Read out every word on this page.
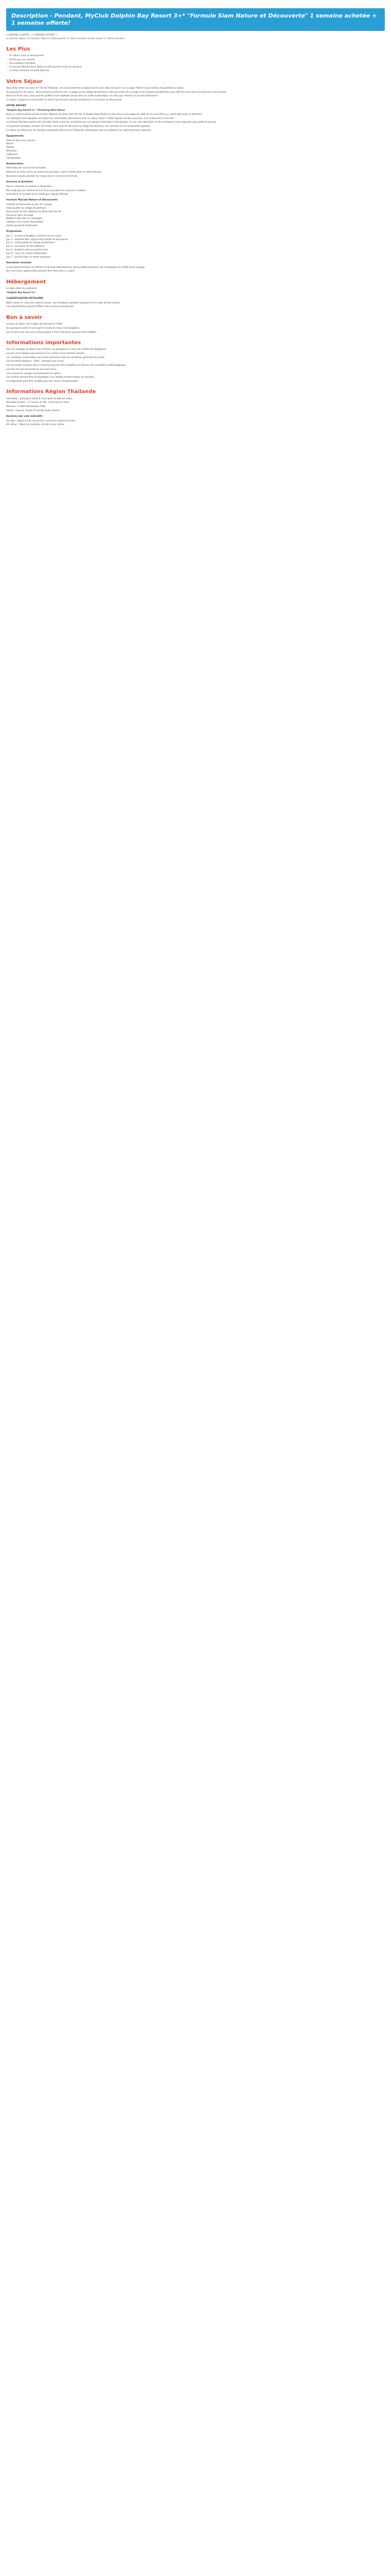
Description - Pendant, MyClub Dolphin Bay Resort 3+* "Formule Siam Nature et Découverte" 1 semaine achetée + 1 semaine offerte!

1 SEMAINE ACHETÉE = 1 SEMAINE OFFERTE !!

Le premier séjour à la formule "Nature et Découverte" à "2ème semaine d'autre séjour" à "2ème semaine".

Les Plus
• Un séjour riche en découvertes
• Portail pour les enfants
• Une ambiance familiale
• La formule MyClub Siam Nature et Découverte inclus 2e semaine
• La 2ème semaine est petit-déjeuner
Votre Séjour

Vous allez entrer au coeur de l'île de Thaïlande. Un environnement exceptionnel et vous allez découvrir sur la plage l'hôtel le plus familial et agréable du séjour.

Au programme du séjour : découvertes en bord de mer, la plage et son village de pêcheurs. Une excursion de la jungle et les temples bouddhistes vous offriront une culture qui bercera vos journées.

Bercé au fil de l'eau, vous pourrez profiter d'une agréable pause dans un cadre authentique. Le club vous réserve un accueil chaleureux.

Ce séjour, proposé en exclusivité, le reste d'une touche spéciale d'exotisme à ce formule de découverte.

VOTRE RESORT

"Dolphin Bay Resort 3+" (Prachuap Khiri Khan)

Dans un cadre tropical proche du Parc National de Khao Sam Roi Yot, le Dolphin Bay Resort se situe face à une plage de sable fin et vous offrira un cadre idéal pour se détendre.

Les chambres sont équipées de toutes les commodités nécessaires pour un séjour réussi. L'hôtel dispose de deux piscines, d'un restaurant et d'un bar.

La formule MyClub propose des activités toute la journée encadrées par une équipe d'animation francophone. Le soir, des spectacles et des animations sont organisés pour petits et grands.

À seulement quelques minutes de l'hôtel, vous pourrez découvrir le village de pêcheurs, ses marchés et ses restaurants typiques.

Ce séjour est idéal pour les familles souhaitant découvrir la Thaïlande authentique tout en profitant d'un cadre balnéaire reposant.

Équipements
Salle de bain avec douche
Balcon
Minibar
Télévision
Coffre-fort
Climatisation
Restauration

Petit-déjeuner sous forme de buffet.

Déjeuner et dîner servis au restaurant principal, cuisine thaïlandaise et internationale.

Boissons incluses pendant les repas dans le cadre de la formule.

Services & Activités

Piscine, transats et parasols à disposition.

Mini-club pour les enfants de 4 à 12 ans pendant les vacances scolaires.

Animations en journée et en soirée par l'équipe MyClub.

Formule MyClub Nature et Découverte
Cocktail de bienvenue au bar de la plage
Visite guidée du village de pêcheurs
Découverte du Parc National de Khao Sam Roi Yot
Excursion dans la jungle
Balade à vélo dans la campagne
Initiation à la cuisine thaïlandaise
Soirée spectacle thaïlandais
Programme
Jour 1 : arrivée à Bangkok, transfert vers le resort.
Jour 2 : matinée libre, après-midi cocktail de bienvenue.
Jour 3 : visite guidée du village de pêcheurs.
Jour 4 : excursion au Parc National.
Jour 5 : balade à vélo et marché local.
Jour 6 : cours de cuisine thaïlandaise.
Jour 7 : journée libre et soirée spectacle.
Deuxième semaine

La deuxième semaine est offerte en formule petit-déjeuner. Vous profitez librement des installations de l'hôtel et de la plage.

Des excursions optionnelles peuvent être réservées sur place.

Hébergement

Le Votre hôtel (ou similaire)

"Dolphin Bay Resort 3+"

CLASSIFICATION HÔTELIÈRE

Hôtel classé 3+ selon les normes locales. Les chambres standard disposent d'une salle de bain privée.

Les classifications peuvent différer des normes européennes.

Bon à savoir

La taxe de séjour est à régler directement à l'hôtel.

Un passeport valide 6 mois après la date de retour est obligatoire.

Les horaires des vols sont communiqués à titre indicatif et peuvent être modifiés.

Informations importantes

Pour les voyages au départ de la France, un passeport en cours de validité est obligatoire.

Les prix sont indiqués par personne sur la base d'une chambre double.

Les conditions d'annulation sont celles précisées dans les conditions générales de vente.

Les transferts aéroport - hôtel - aéroport sont inclus.

Les excursions incluses dans la formule peuvent être modifiées en fonction des conditions météorologiques.

Les frais de visa éventuels ne sont pas inclus.

Les assurances voyage sont proposées en option.

Les enfants doivent être accompagnés d'un adulte pendant toutes les activités.

Le programme peut être modifié pour des raisons d'organisation.

Informations Région Thaïlande

Formalités : passeport valide 6 mois après la date de retour.

Décalage horaire : +5 heures en été, +6 heures en hiver.

Monnaie : le Baht thaïlandais (THB).

Climat : tropical, chaud et humide toute l'année.

Horaires des vols indicatifs

Vol aller : départ en fin de journée, arrivée le lendemain matin.

Vol retour : départ en matinée, arrivée le soir même.
